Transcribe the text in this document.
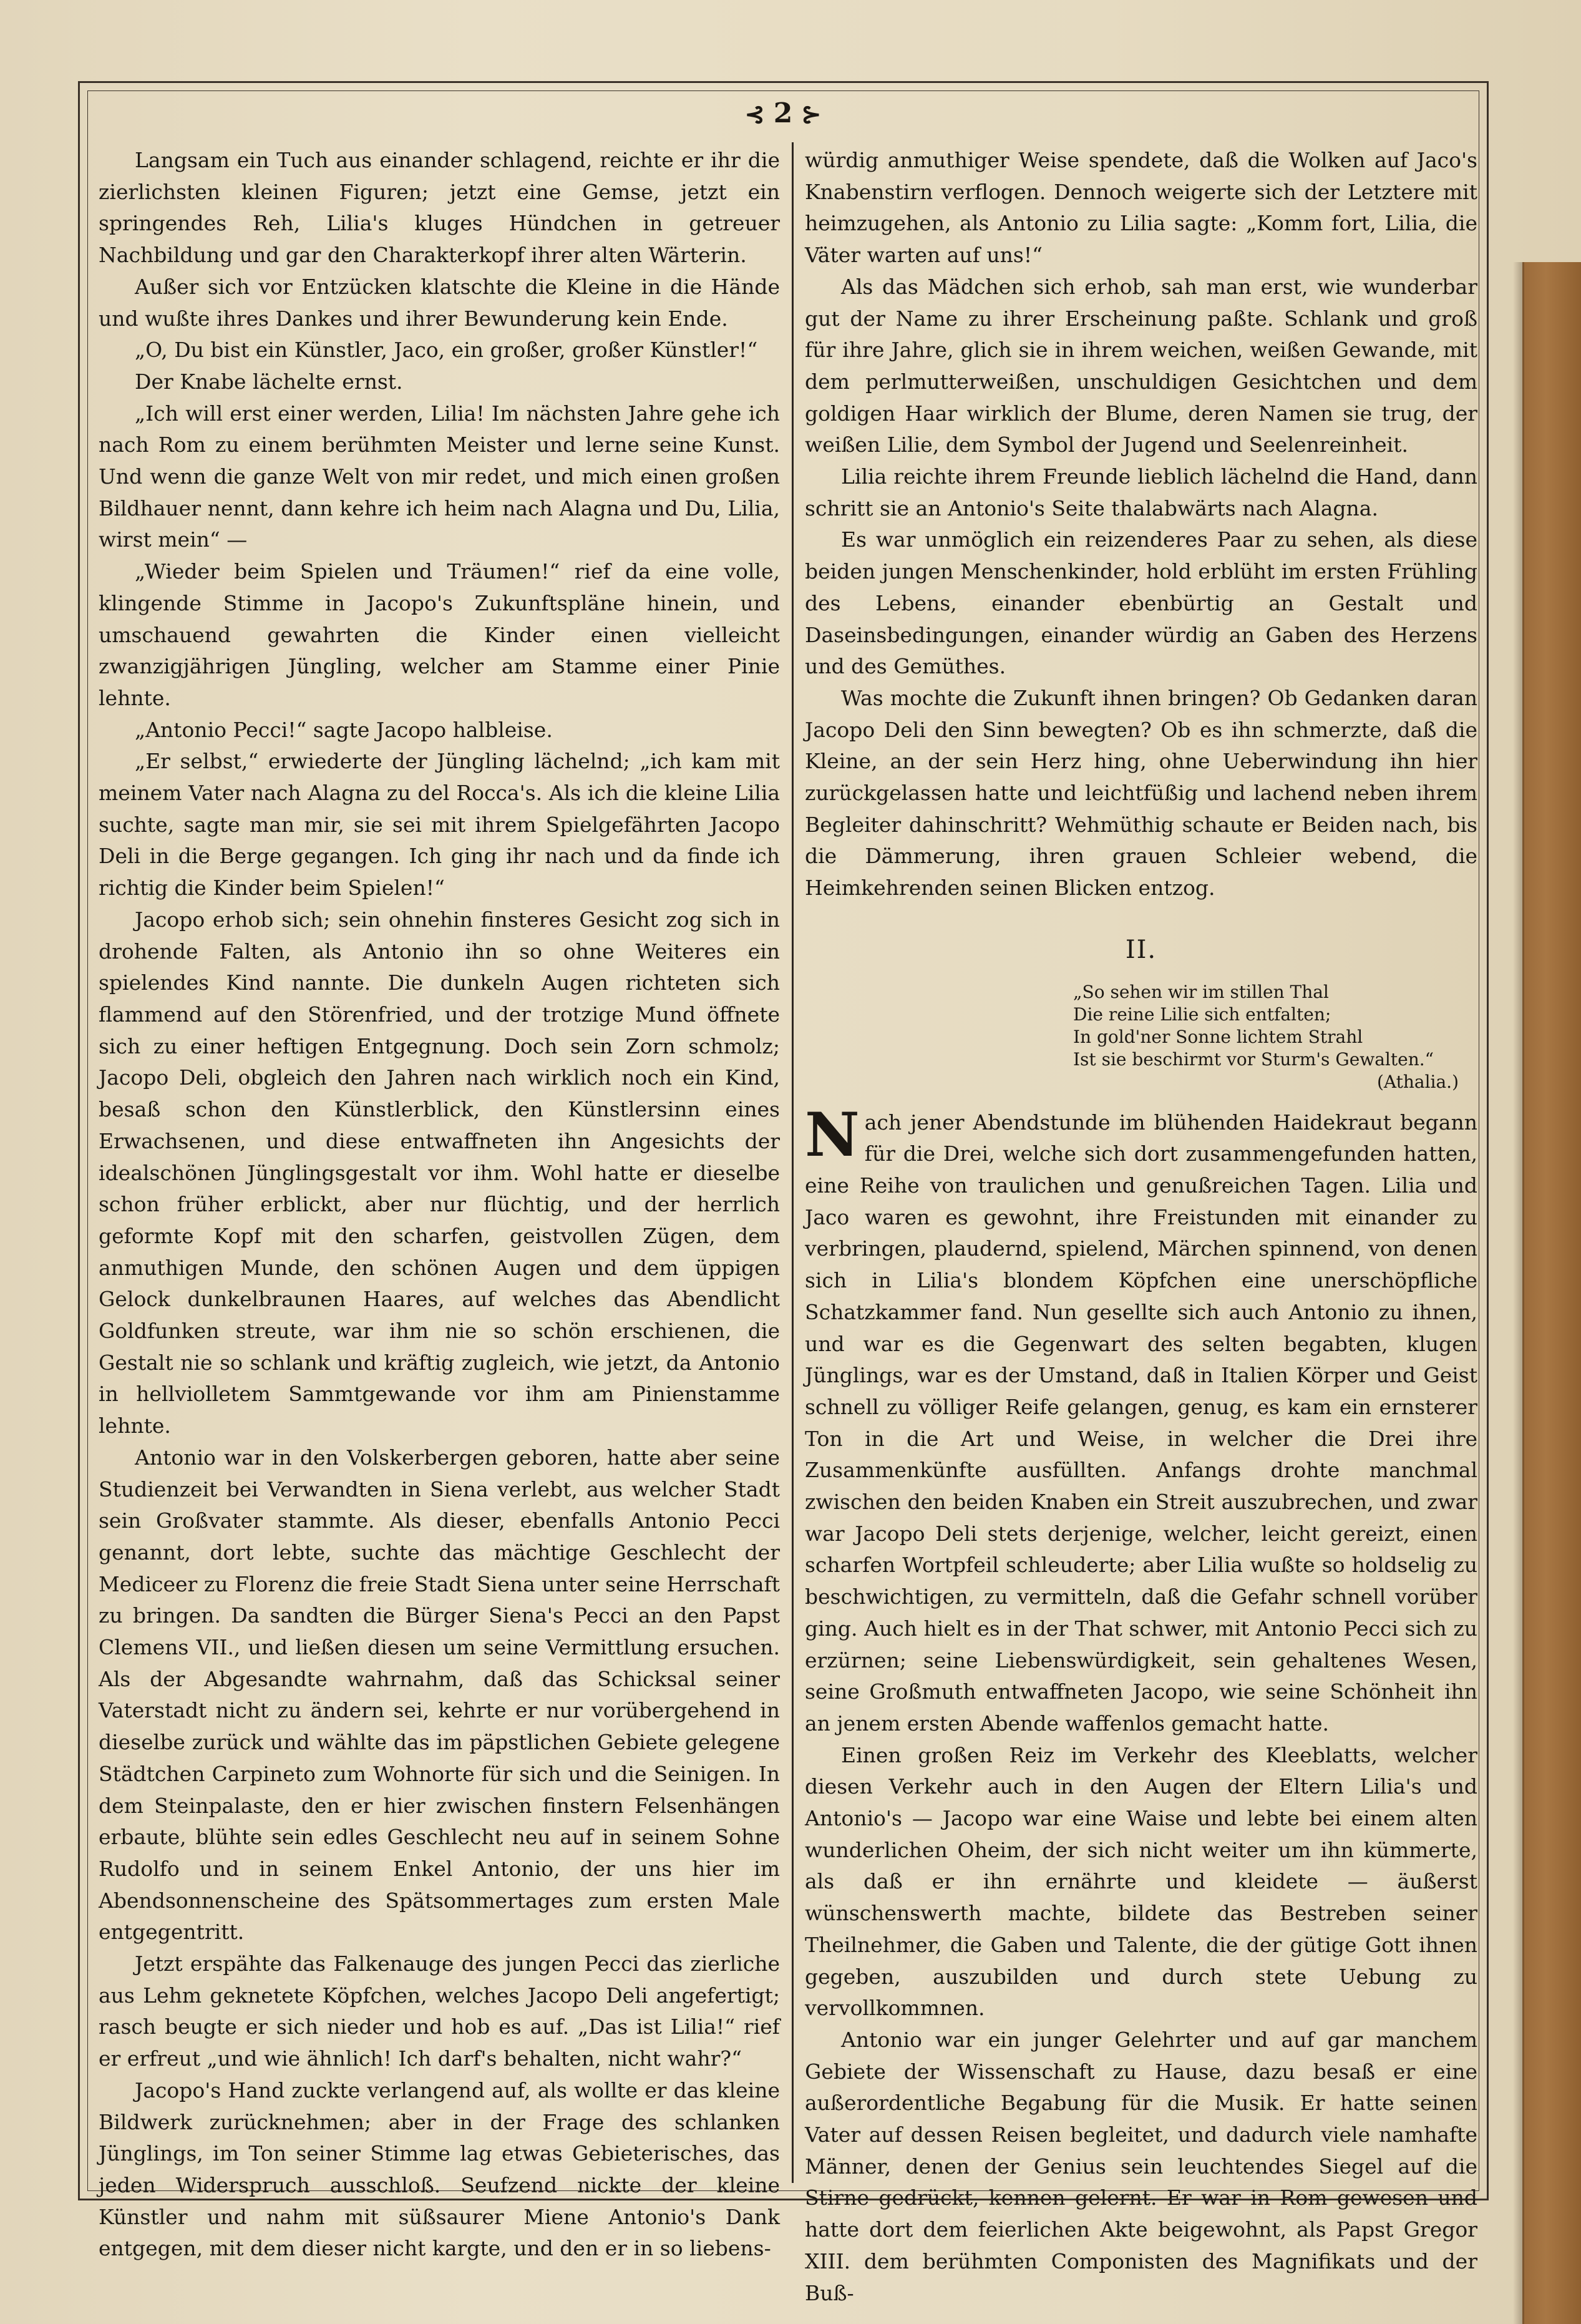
⊰ 2 ⊱

Langsam ein Tuch aus einander schlagend, reichte er ihr die zierlichsten kleinen Figuren; jetzt eine Gemse, jetzt ein springendes Reh, Lilia's kluges Hündchen in getreuer Nachbildung und gar den Charakterkopf ihrer alten Wärterin.

Außer sich vor Entzücken klatschte die Kleine in die Hände und wußte ihres Dankes und ihrer Bewunderung kein Ende.

„O, Du bist ein Künstler, Jaco, ein großer, großer Künstler!“

Der Knabe lächelte ernst.

„Ich will erst einer werden, Lilia! Im nächsten Jahre gehe ich nach Rom zu einem berühmten Meister und lerne seine Kunst. Und wenn die ganze Welt von mir redet, und mich einen großen Bildhauer nennt, dann kehre ich heim nach Alagna und Du, Lilia, wirst mein“ —

„Wieder beim Spielen und Träumen!“ rief da eine volle, klingende Stimme in Jacopo's Zukunftspläne hinein, und umschauend gewahrten die Kinder einen vielleicht zwanzigjährigen Jüngling, welcher am Stamme einer Pinie lehnte.

„Antonio Pecci!“ sagte Jacopo halbleise.

„Er selbst,“ erwiederte der Jüngling lächelnd; „ich kam mit meinem Vater nach Alagna zu del Rocca's. Als ich die kleine Lilia suchte, sagte man mir, sie sei mit ihrem Spielgefährten Jacopo Deli in die Berge gegangen. Ich ging ihr nach und da finde ich richtig die Kinder beim Spielen!“

Jacopo erhob sich; sein ohnehin finsteres Gesicht zog sich in drohende Falten, als Antonio ihn so ohne Weiteres ein spielendes Kind nannte. Die dunkeln Augen richteten sich flammend auf den Störenfried, und der trotzige Mund öffnete sich zu einer heftigen Entgegnung. Doch sein Zorn schmolz; Jacopo Deli, obgleich den Jahren nach wirklich noch ein Kind, besaß schon den Künstlerblick, den Künstlersinn eines Erwachsenen, und diese entwaffneten ihn Angesichts der idealschönen Jünglingsgestalt vor ihm. Wohl hatte er dieselbe schon früher erblickt, aber nur flüchtig, und der herrlich geformte Kopf mit den scharfen, geistvollen Zügen, dem anmuthigen Munde, den schönen Augen und dem üppigen Gelock dunkelbraunen Haares, auf welches das Abendlicht Goldfunken streute, war ihm nie so schön erschienen, die Gestalt nie so schlank und kräftig zugleich, wie jetzt, da Antonio in hellviolletem Sammtgewande vor ihm am Pinienstamme lehnte.

Antonio war in den Volskerbergen geboren, hatte aber seine Studienzeit bei Verwandten in Siena verlebt, aus welcher Stadt sein Großvater stammte. Als dieser, ebenfalls Antonio Pecci genannt, dort lebte, suchte das mächtige Geschlecht der Mediceer zu Florenz die freie Stadt Siena unter seine Herrschaft zu bringen. Da sandten die Bürger Siena's Pecci an den Papst Clemens VII., und ließen diesen um seine Vermittlung ersuchen. Als der Abgesandte wahrnahm, daß das Schicksal seiner Vaterstadt nicht zu ändern sei, kehrte er nur vorübergehend in dieselbe zurück und wählte das im päpstlichen Gebiete gelegene Städtchen Carpineto zum Wohnorte für sich und die Seinigen. In dem Steinpalaste, den er hier zwischen finstern Felsenhängen erbaute, blühte sein edles Geschlecht neu auf in seinem Sohne Rudolfo und in seinem Enkel Antonio, der uns hier im Abendsonnenscheine des Spätsommertages zum ersten Male entgegentritt.

Jetzt erspähte das Falkenauge des jungen Pecci das zierliche aus Lehm geknetete Köpfchen, welches Jacopo Deli angefertigt; rasch beugte er sich nieder und hob es auf. „Das ist Lilia!“ rief er erfreut „und wie ähnlich! Ich darf's behalten, nicht wahr?“

Jacopo's Hand zuckte verlangend auf, als wollte er das kleine Bildwerk zurücknehmen; aber in der Frage des schlanken Jünglings, im Ton seiner Stimme lag etwas Gebieterisches, das jeden Widerspruch ausschloß. Seufzend nickte der kleine Künstler und nahm mit süßsaurer Miene Antonio's Dank entgegen, mit dem dieser nicht kargte, und den er in so liebens-

würdig anmuthiger Weise spendete, daß die Wolken auf Jaco's Knabenstirn verflogen. Dennoch weigerte sich der Letztere mit heimzugehen, als Antonio zu Lilia sagte: „Komm fort, Lilia, die Väter warten auf uns!“

Als das Mädchen sich erhob, sah man erst, wie wunderbar gut der Name zu ihrer Erscheinung paßte. Schlank und groß für ihre Jahre, glich sie in ihrem weichen, weißen Gewande, mit dem perlmutterweißen, unschuldigen Gesichtchen und dem goldigen Haar wirklich der Blume, deren Namen sie trug, der weißen Lilie, dem Symbol der Jugend und Seelenreinheit.

Lilia reichte ihrem Freunde lieblich lächelnd die Hand, dann schritt sie an Antonio's Seite thalabwärts nach Alagna.

Es war unmöglich ein reizenderes Paar zu sehen, als diese beiden jungen Menschenkinder, hold erblüht im ersten Frühling des Lebens, einander ebenbürtig an Gestalt und Daseinsbedingungen, einander würdig an Gaben des Herzens und des Gemüthes.

Was mochte die Zukunft ihnen bringen? Ob Gedanken daran Jacopo Deli den Sinn bewegten? Ob es ihn schmerzte, daß die Kleine, an der sein Herz hing, ohne Ueberwindung ihn hier zurückgelassen hatte und leichtfüßig und lachend neben ihrem Begleiter dahinschritt? Wehmüthig schaute er Beiden nach, bis die Dämmerung, ihren grauen Schleier webend, die Heimkehrenden seinen Blicken entzog.

II.
„So sehen wir im stillen Thal
Die reine Lilie sich entfalten;
In gold'ner Sonne lichtem Strahl
Ist sie beschirmt vor Sturm's Gewalten.“
(Athalia.)

Nach jener Abendstunde im blühenden Haidekraut begann für die Drei, welche sich dort zusammengefunden hatten, eine Reihe von traulichen und genußreichen Tagen. Lilia und Jaco waren es gewohnt, ihre Freistunden mit einander zu verbringen, plaudernd, spielend, Märchen spinnend, von denen sich in Lilia's blondem Köpfchen eine unerschöpfliche Schatzkammer fand. Nun gesellte sich auch Antonio zu ihnen, und war es die Gegenwart des selten begabten, klugen Jünglings, war es der Umstand, daß in Italien Körper und Geist schnell zu völliger Reife gelangen, genug, es kam ein ernsterer Ton in die Art und Weise, in welcher die Drei ihre Zusammenkünfte ausfüllten. Anfangs drohte manchmal zwischen den beiden Knaben ein Streit auszubrechen, und zwar war Jacopo Deli stets derjenige, welcher, leicht gereizt, einen scharfen Wortpfeil schleuderte; aber Lilia wußte so holdselig zu beschwichtigen, zu vermitteln, daß die Gefahr schnell vorüber ging. Auch hielt es in der That schwer, mit Antonio Pecci sich zu erzürnen; seine Liebenswürdigkeit, sein gehaltenes Wesen, seine Großmuth entwaffneten Jacopo, wie seine Schönheit ihn an jenem ersten Abende waffenlos gemacht hatte.

Einen großen Reiz im Verkehr des Kleeblatts, welcher diesen Verkehr auch in den Augen der Eltern Lilia's und Antonio's — Jacopo war eine Waise und lebte bei einem alten wunderlichen Oheim, der sich nicht weiter um ihn kümmerte, als daß er ihn ernährte und kleidete — äußerst wünschenswerth machte, bildete das Bestreben seiner Theilnehmer, die Gaben und Talente, die der gütige Gott ihnen gegeben, auszubilden und durch stete Uebung zu vervollkommnen.

Antonio war ein junger Gelehrter und auf gar manchem Gebiete der Wissenschaft zu Hause, dazu besaß er eine außerordentliche Begabung für die Musik. Er hatte seinen Vater auf dessen Reisen begleitet, und dadurch viele namhafte Männer, denen der Genius sein leuchtendes Siegel auf die Stirne gedrückt, kennen gelernt. Er war in Rom gewesen und hatte dort dem feierlichen Akte beigewohnt, als Papst Gregor XIII. dem berühmten Componisten des Magnifikats und der Buß-
